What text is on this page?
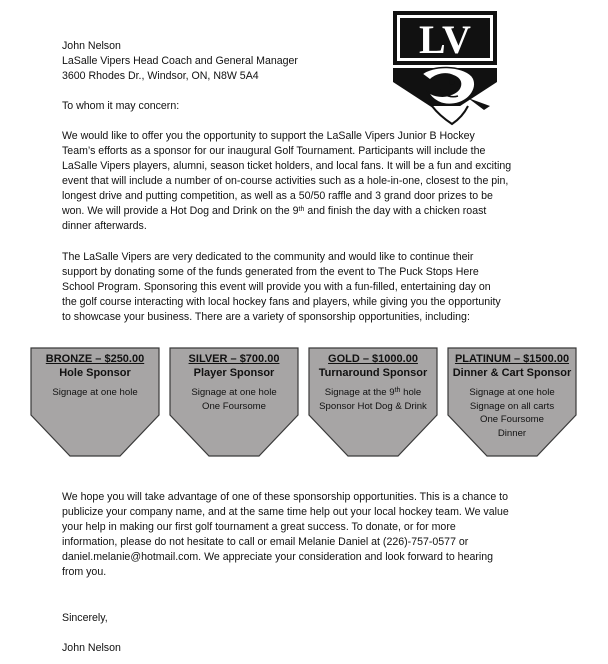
LV

John Nelson
LaSalle Vipers Head Coach and General Manager
3600 Rhodes Dr., Windsor, ON, N8W 5A4

To whom it may concern:

We would like to offer you the opportunity to support the LaSalle Vipers Junior B Hockey
Team’s efforts as a sponsor for our inaugural Golf Tournament. Participants will include the
LaSalle Vipers players, alumni, season ticket holders, and local fans. It will be a fun and exciting
event that will include a number of on-course activities such as a hole-in-one, closest to the pin,
longest drive and putting competition, as well as a 50/50 raffle and 3 grand door prizes to be
won. We will provide a Hot Dog and Drink on the 9th and finish the day with a chicken roast
dinner afterwards.

The LaSalle Vipers are very dedicated to the community and would like to continue their
support by donating some of the funds generated from the event to The Puck Stops Here
School Program. Sponsoring this event will provide you with a fun-filled, entertaining day on
the golf course interacting with local hockey fans and players, while giving you the opportunity
to showcase your business. There are a variety of sponsorship opportunities, including:

BRONZE – $250.00
Hole Sponsor
Signage at one hole
SILVER – $700.00
Player Sponsor
Signage at one hole
One Foursome
GOLD – $1000.00
Turnaround Sponsor
Signage at the 9th hole
Sponsor Hot Dog & Drink
PLATINUM – $1500.00
Dinner & Cart Sponsor
Signage at one hole
Signage on all carts
One Foursome
Dinner

We hope you will take advantage of one of these sponsorship opportunities. This is a chance to
publicize your company name, and at the same time help out your local hockey team. We value
your help in making our first golf tournament a great success. To donate, or for more
information, please do not hesitate to call or email Melanie Daniel at (226)-757-0577 or
daniel.melanie@hotmail.com. We appreciate your consideration and look forward to hearing
from you.

Sincerely,

John Nelson
